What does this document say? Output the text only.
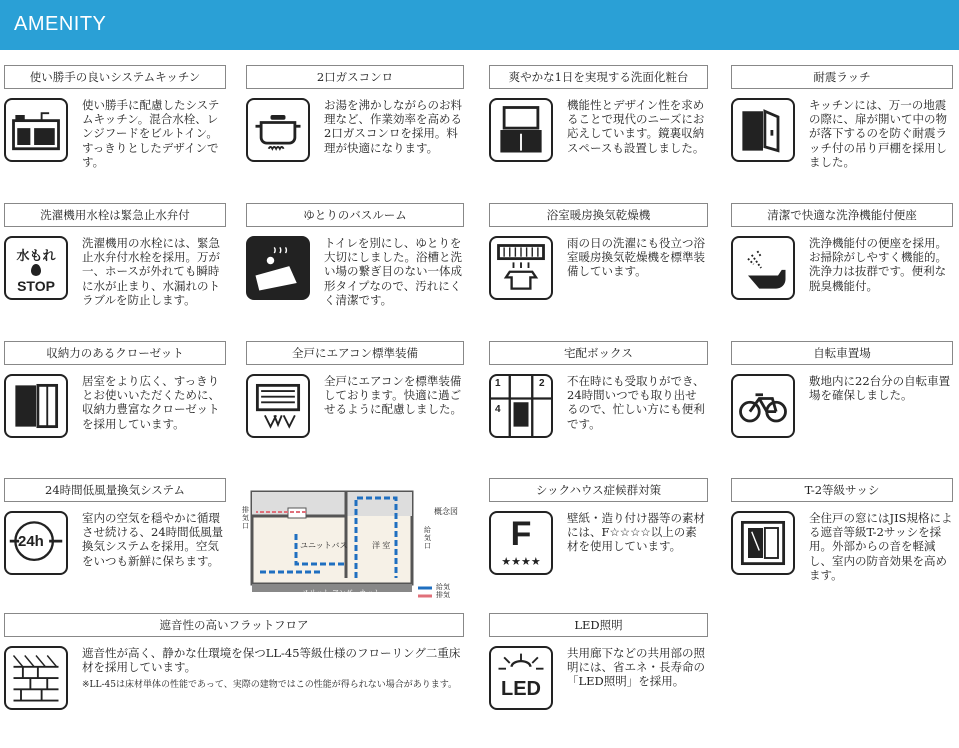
AMENITY
使い勝手の良いシステムキッチン
使い勝手に配慮したシステムキッチン。混合水栓、レンジフードをビルトイン。すっきりとしたデザインです。
2口ガスコンロ
お湯を沸かしながらのお料理など、作業効率を高める2口ガスコンロを採用。料理が快適になります。
爽やかな1日を実現する洗面化粧台
機能性とデザイン性を求めることで現代のニーズにお応えしています。鏡裏収納スペースも設置しました。
耐震ラッチ
キッチンには、万一の地震の際に、扉が開いて中の物が落下するのを防ぐ耐震ラッチ付の吊り戸棚を採用しました。
洗濯機用水栓は緊急止水弁付
水もれ
STOP
洗濯機用の水栓には、緊急止水弁付水栓を採用。万が一、ホースが外れても瞬時に水が止まり、水漏れのトラブルを防止します。
ゆとりのバスルーム
トイレを別にし、ゆとりを大切にしました。浴槽と洗い場の繋ぎ目のない一体成形タイプなので、汚れにくく清潔です。
浴室暖房換気乾燥機
雨の日の洗濯にも役立つ浴室暖房換気乾燥機を標準装備しています。
清潔で快適な洗浄機能付便座
洗浄機能付の便座を採用。お掃除がしやすく機能的。洗浄力は抜群です。便利な脱臭機能付。
収納力のあるクローゼット
居室をより広く、すっきりとお使いいただくために、収納力豊富なクローゼットを採用しています。
全戸にエアコン標準装備
全戸にエアコンを標準装備しております。快適に過ごせるように配慮しました。
宅配ボックス
1	2
4
不在時にも受取りができ、24時間いつでも取り出せるので、忙しい方にも便利です。
自転車置場
敷地内に22台分の自転車置場を確保しました。
24時間低風量換気システム
24h
室内の空気を穏やかに循環させ続ける、24時間低風量換気システムを採用。空気をいつも新鮮に保ちます。
概念図
排気口	給気口
ユニットバス	洋 室
スリット アンダーカット
給気
排気
シックハウス症候群対策
F
★★★★
壁紙・造り付け器等の素材には、F☆☆☆☆以上の素材を使用しています。
T-2等級サッシ
全住戸の窓にはJIS規格による遮音等級T-2サッシを採用。外部からの音を軽減し、室内の防音効果を高めます。
遮音性の高いフラットフロア
遮音性が高く、静かな仕環境を保つLL-45等級仕様のフローリング二重床材を採用しています。
※LL-45は床材単体の性能であって、実際の建物ではこの性能が得られない場合があります。
LED照明
LED
共用廊下などの共用部の照明には、省エネ・長寿命の「LED照明」を採用。
